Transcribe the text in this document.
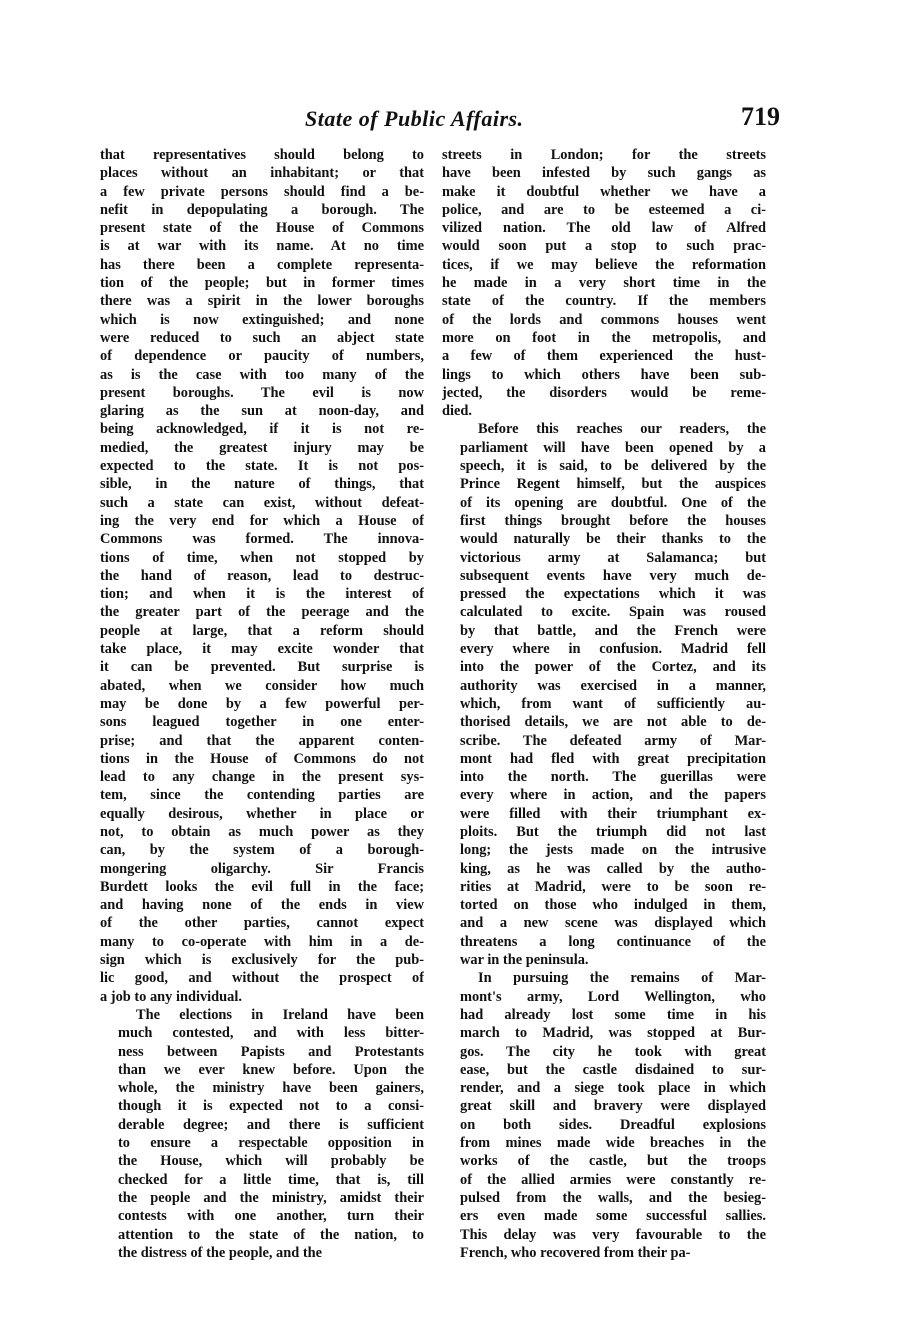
State of Public Affairs.	719
that representatives should belong to
places without an inhabitant; or that
a few private persons should find a be-
nefit in depopulating a borough. The
present state of the House of Commons
is at war with its name. At no time
has there been a complete representa-
tion of the people; but in former times
there was a spirit in the lower boroughs
which is now extinguished; and none
were reduced to such an abject state
of dependence or paucity of numbers,
as is the case with too many of the
present boroughs. The evil is now
glaring as the sun at noon-day, and
being acknowledged, if it is not re-
medied, the greatest injury may be
expected to the state. It is not pos-
sible, in the nature of things, that
such a state can exist, without defeat-
ing the very end for which a House of
Commons was formed. The innova-
tions of time, when not stopped by
the hand of reason, lead to destruc-
tion; and when it is the interest of
the greater part of the peerage and the
people at large, that a reform should
take place, it may excite wonder that
it can be prevented. But surprise is
abated, when we consider how much
may be done by a few powerful per-
sons leagued together in one enter-
prise; and that the apparent conten-
tions in the House of Commons do not
lead to any change in the present sys-
tem, since the contending parties are
equally desirous, whether in place or
not, to obtain as much power as they
can, by the system of a borough-
mongering oligarchy. Sir Francis
Burdett looks the evil full in the face;
and having none of the ends in view
of the other parties, cannot expect
many to co-operate with him in a de-
sign which is exclusively for the pub-
lic good, and without the prospect of
a job to any individual.
The elections in Ireland have been
much contested, and with less bitter-
ness between Papists and Protestants
than we ever knew before. Upon the
whole, the ministry have been gainers,
though it is expected not to a consi-
derable degree; and there is sufficient
to ensure a respectable opposition in
the House, which will probably be
checked for a little time, that is, till
the people and the ministry, amidst their
contests with one another, turn their
attention to the state of the nation, to
the distress of the people, and the
streets in London; for the streets
have been infested by such gangs as
make it doubtful whether we have a
police, and are to be esteemed a ci-
vilized nation. The old law of Alfred
would soon put a stop to such prac-
tices, if we may believe the reformation
he made in a very short time in the
state of the country. If the members
of the lords and commons houses went
more on foot in the metropolis, and
a few of them experienced the hust-
lings to which others have been sub-
jected, the disorders would be reme-
died.
Before this reaches our readers, the
parliament will have been opened by a
speech, it is said, to be delivered by the
Prince Regent himself, but the auspices
of its opening are doubtful. One of the
first things brought before the houses
would naturally be their thanks to the
victorious army at Salamanca; but
subsequent events have very much de-
pressed the expectations which it was
calculated to excite. Spain was roused
by that battle, and the French were
every where in confusion. Madrid fell
into the power of the Cortez, and its
authority was exercised in a manner,
which, from want of sufficiently au-
thorised details, we are not able to de-
scribe. The defeated army of Mar-
mont had fled with great precipitation
into the north. The guerillas were
every where in action, and the papers
were filled with their triumphant ex-
ploits. But the triumph did not last
long; the jests made on the intrusive
king, as he was called by the autho-
rities at Madrid, were to be soon re-
torted on those who indulged in them,
and a new scene was displayed which
threatens a long continuance of the
war in the peninsula.
In pursuing the remains of Mar-
mont's army, Lord Wellington, who
had already lost some time in his
march to Madrid, was stopped at Bur-
gos. The city he took with great
ease, but the castle disdained to sur-
render, and a siege took place in which
great skill and bravery were displayed
on both sides. Dreadful explosions
from mines made wide breaches in the
works of the castle, but the troops
of the allied armies were constantly re-
pulsed from the walls, and the besieg-
ers even made some successful sallies.
This delay was very favourable to the
French, who recovered from their pa-
